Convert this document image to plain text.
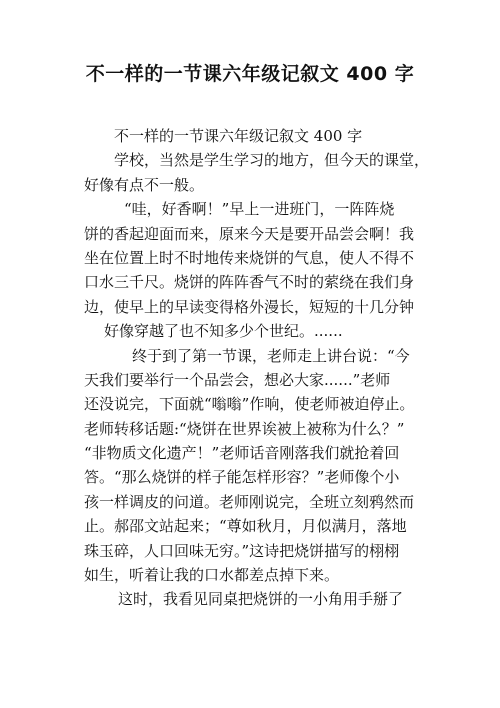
不一样的一节课六年级记叙文 400 字
不一样的一节课六年级记叙文 400 字
学校，当然是学生学习的地方，但今天的课堂，
好像有点不一般。
“哇，好香啊！”早上一进班门，一阵阵烧
饼的香起迎面而来，原来今天是要开品尝会啊！我
坐在位置上时不时地传来烧饼的气息，使人不得不
口水三千尺。烧饼的阵阵香气不时的萦绕在我们身
边，使早上的早读变得格外漫长，短短的十几分钟
好像穿越了也不知多少个世纪。......
终于到了第一节课，老师走上讲台说：“今
天我们要举行一个品尝会，想必大家......”老师
还没说完，下面就“嗡嗡”作响，使老师被迫停止。
老师转移话题:“烧饼在世界诶被上被称为什么？”
“非物质文化遗产！”老师话音刚落我们就抢着回
答。“那么烧饼的样子能怎样形容？”老师像个小
孩一样调皮的问道。老师刚说完，全班立刻鸦然而
止。郝邵文站起来；“尊如秋月，月似满月，落地
珠玉碎，人口回味无穷。”这诗把烧饼描写的栩栩
如生，听着让我的口水都差点掉下来。
这时，我看见同桌把烧饼的一小角用手掰了
